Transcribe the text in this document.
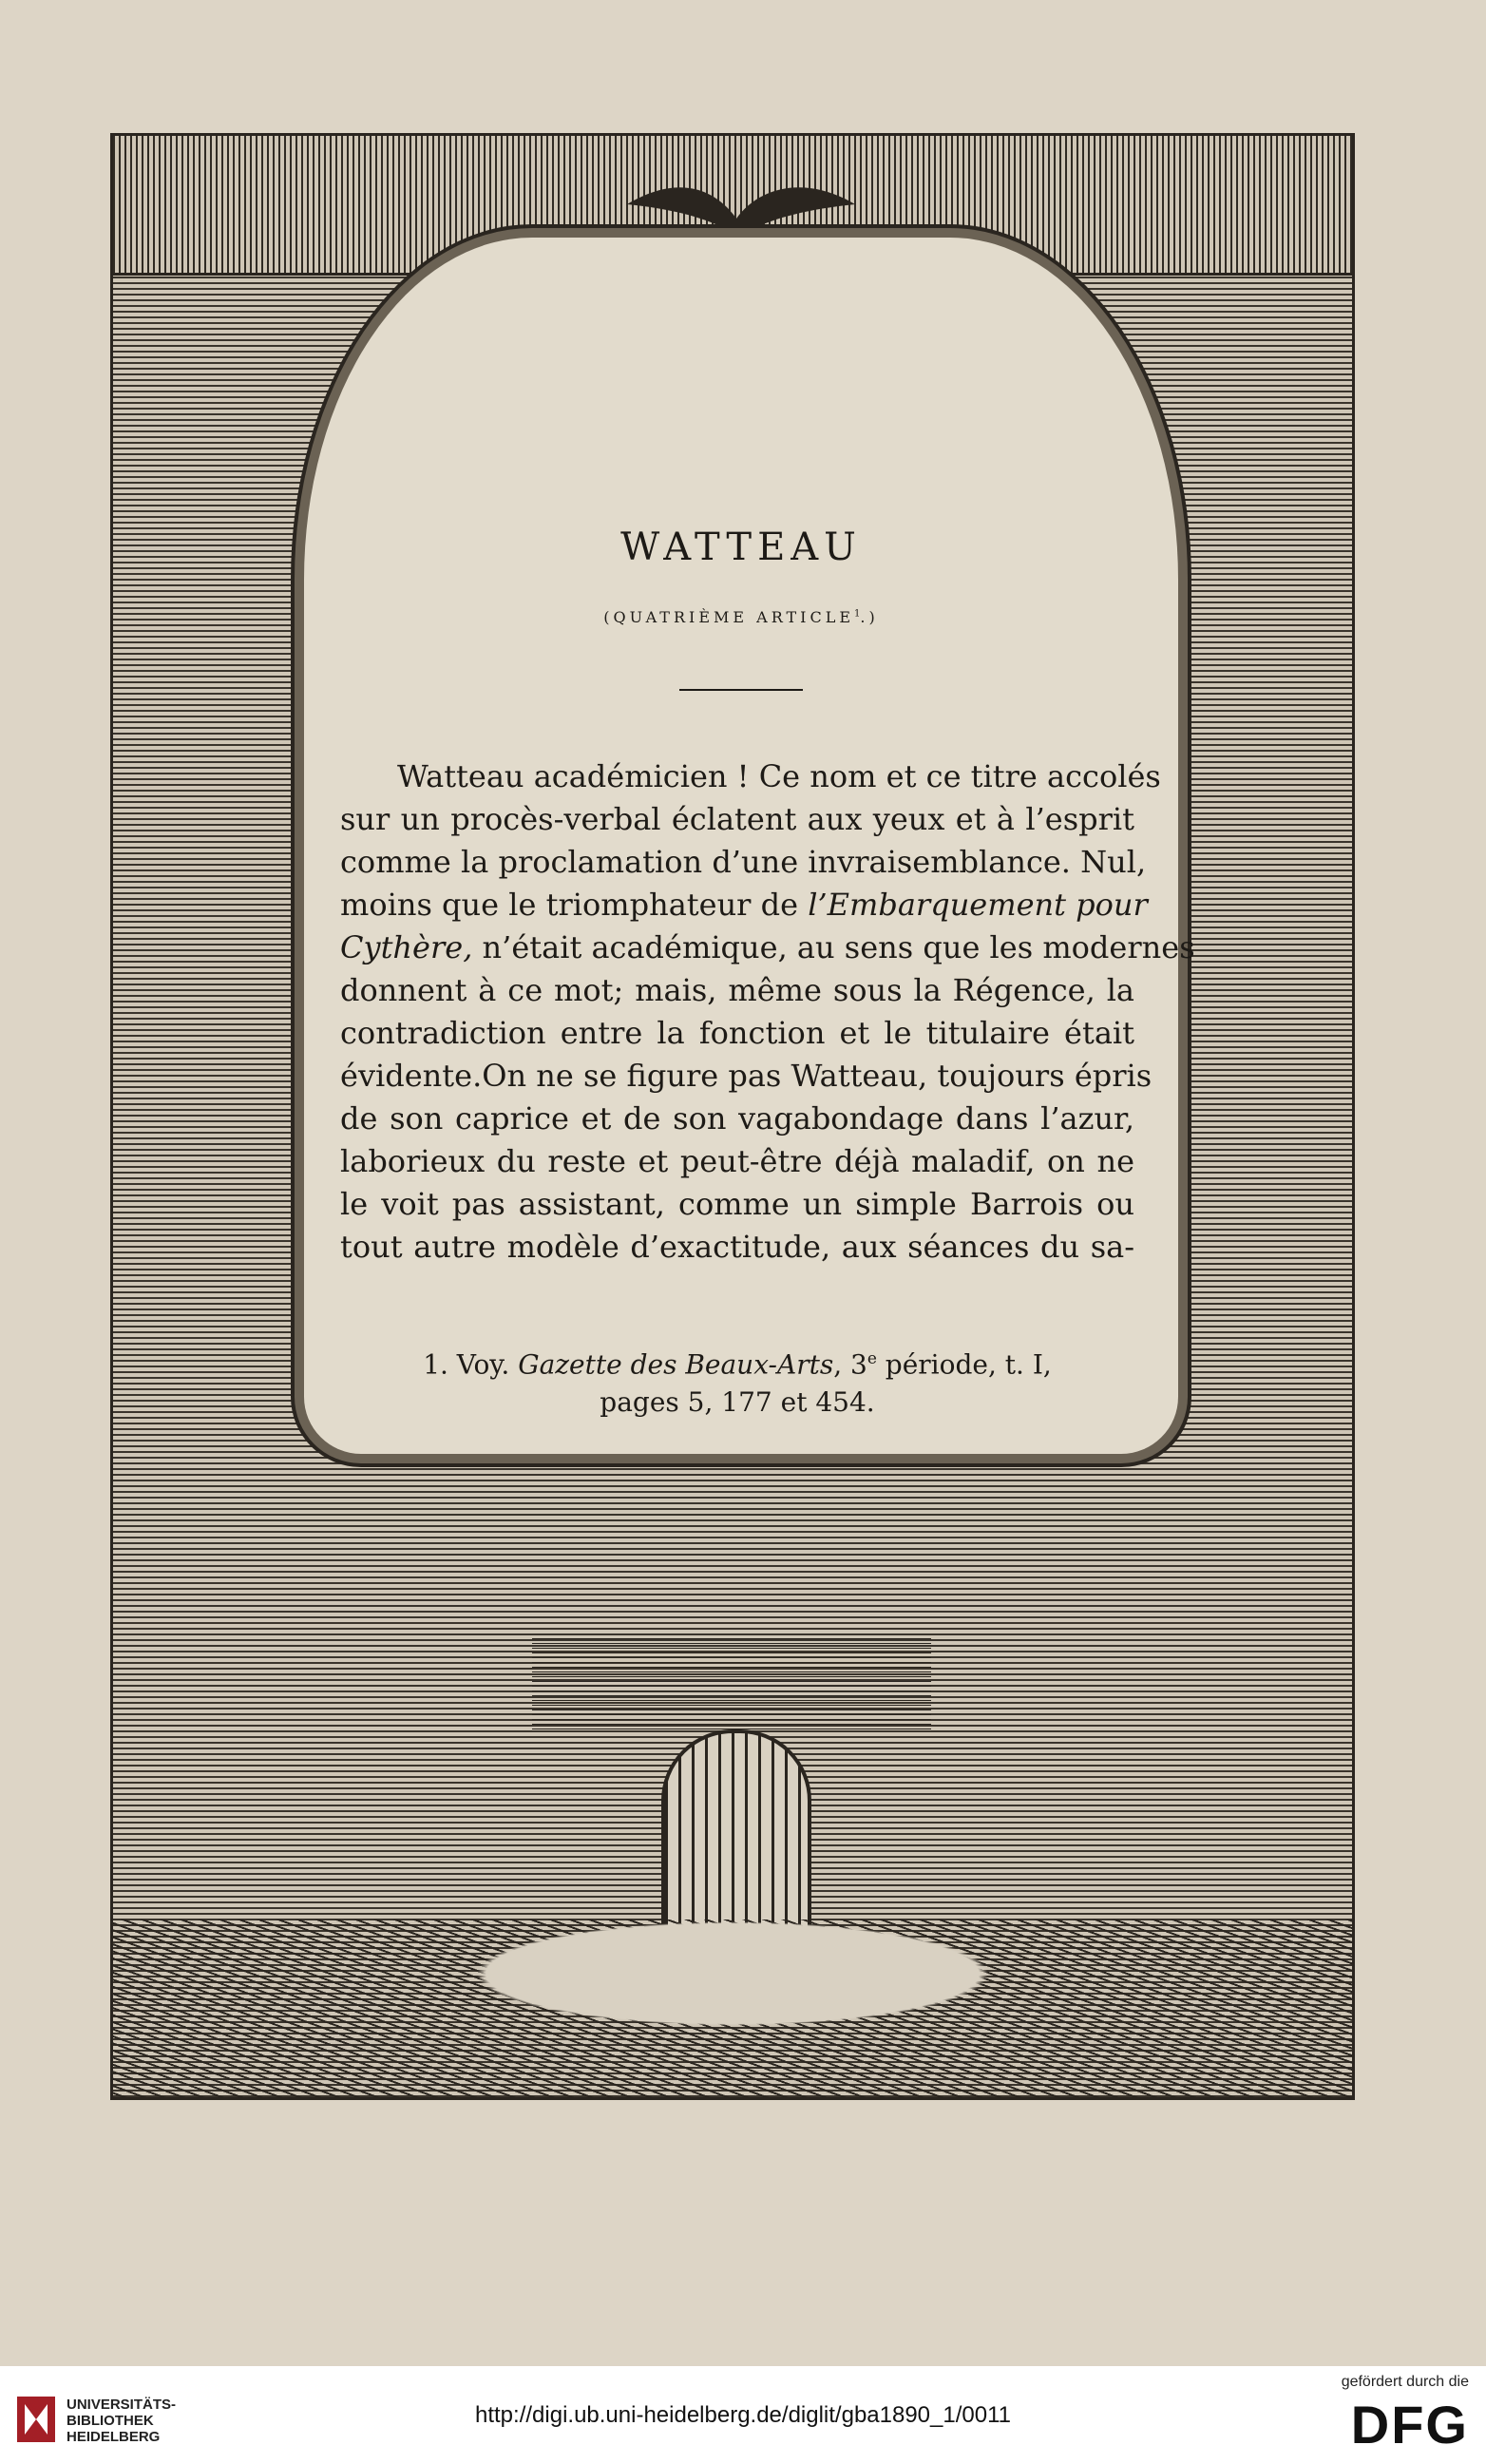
WATTEAU
(QUATRIÈME ARTICLE$^1$.)
Watteau académicien ! Ce nom et ce titre accolés
sur un procès-verbal éclatent aux yeux et à l’esprit
comme la proclamation d’une invraisemblance. Nul,
moins que le triomphateur de l’Embarquement pour
Cythère, n’était académique, au sens que les modernes
donnent à ce mot; mais, même sous la Régence, la
contradiction entre la fonction et le titulaire était
évidente.On ne se figure pas Watteau, toujours épris
de son caprice et de son vagabondage dans l’azur,
laborieux du reste et peut-être déjà maladif, on ne
le voit pas assistant, comme un simple Barrois ou
tout autre modèle d’exactitude, aux séances du sa-
1. Voy. Gazette des Beaux-Arts, 3e période, t. I,
pages 5, 177 et 454.
UNIVERSITÄTS-
BIBLIOTHEK
HEIDELBERG
http://digi.ub.uni-heidelberg.de/diglit/gba1890_1/0011
gefördert durch die
DFG
